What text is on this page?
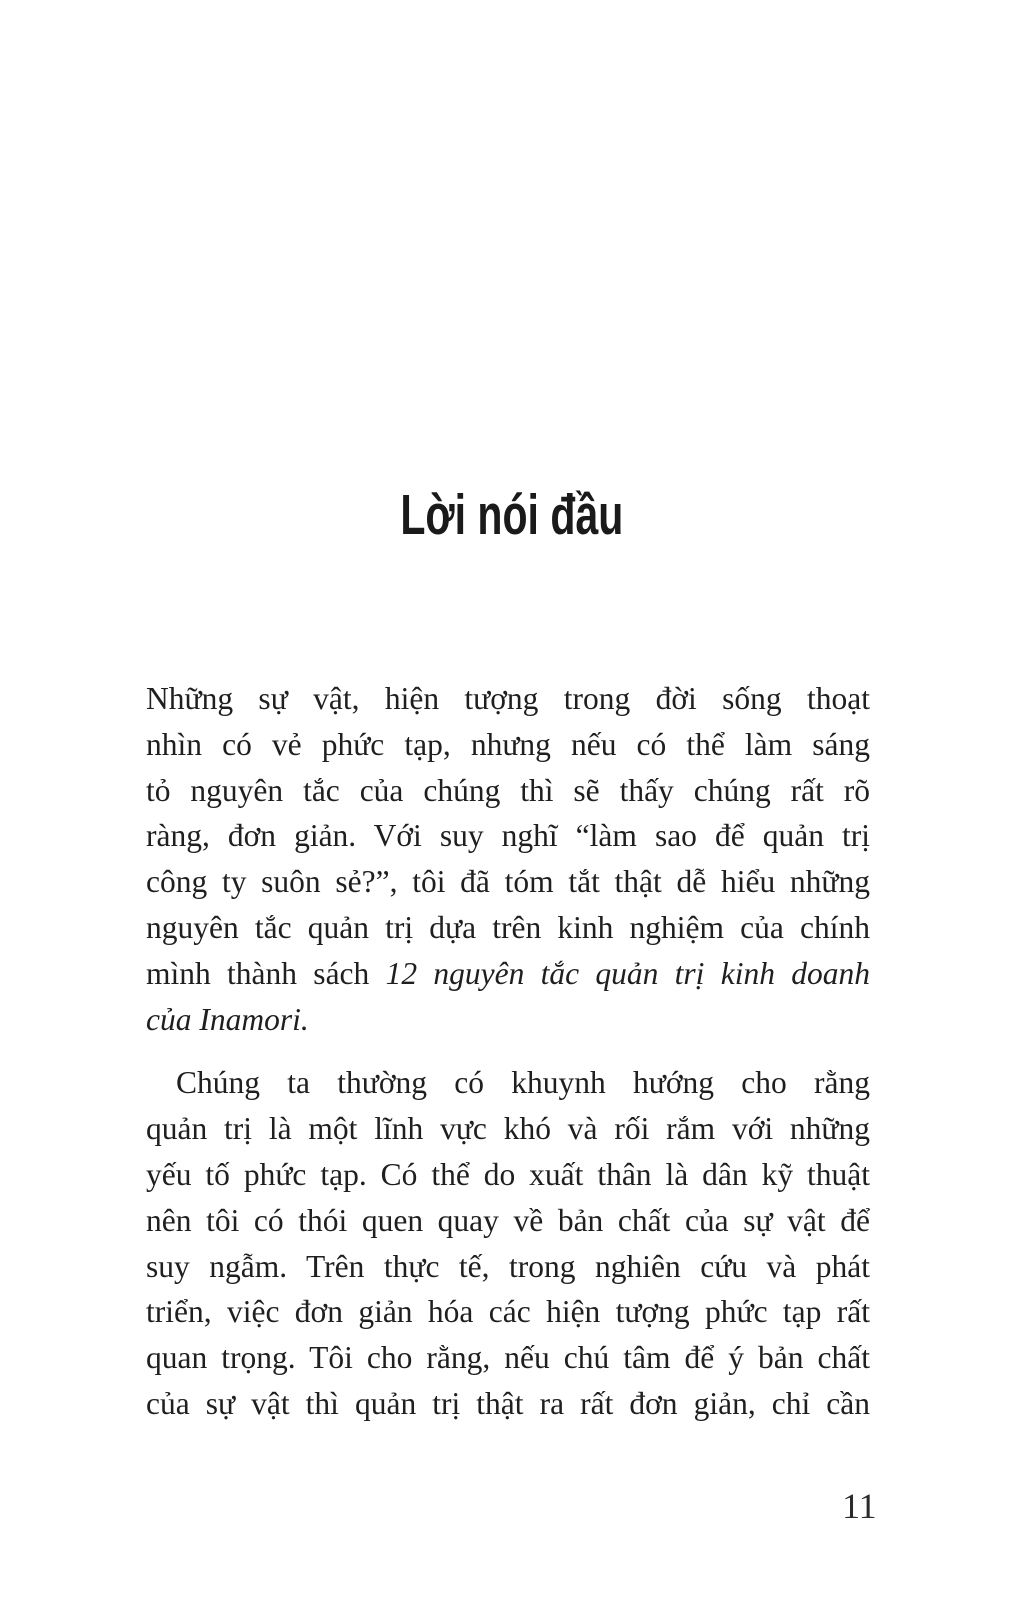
Lời nói đầu
Những sự vật, hiện tượng trong đời sống thoạt
nhìn có vẻ phức tạp, nhưng nếu có thể làm sáng
tỏ nguyên tắc của chúng thì sẽ thấy chúng rất rõ
ràng, đơn giản. Với suy nghĩ “làm sao để quản trị
công ty suôn sẻ?”, tôi đã tóm tắt thật dễ hiểu những
nguyên tắc quản trị dựa trên kinh nghiệm của chính
mình thành sách 12 nguyên tắc quản trị kinh doanh
của Inamori.
Chúng ta thường có khuynh hướng cho rằng
quản trị là một lĩnh vực khó và rối rắm với những
yếu tố phức tạp. Có thể do xuất thân là dân kỹ thuật
nên tôi có thói quen quay về bản chất của sự vật để
suy ngẫm. Trên thực tế, trong nghiên cứu và phát
triển, việc đơn giản hóa các hiện tượng phức tạp rất
quan trọng. Tôi cho rằng, nếu chú tâm để ý bản chất
của sự vật thì quản trị thật ra rất đơn giản, chỉ cần
11
